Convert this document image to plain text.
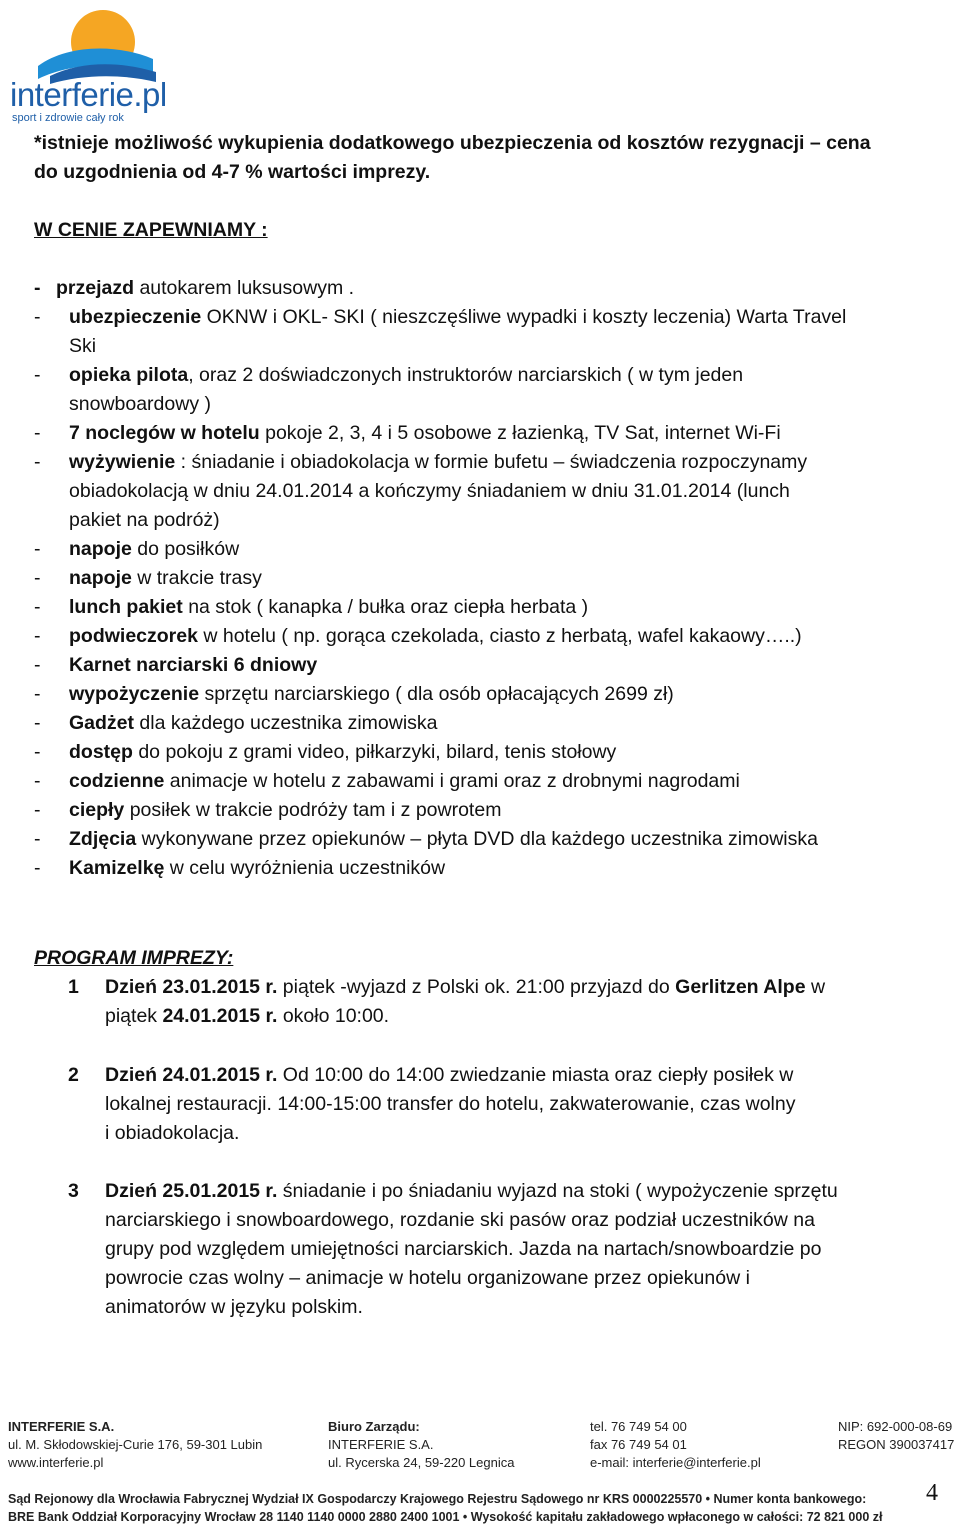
interferie.pl
sport i zdrowie cały rok
*istnieje możliwość wykupienia dodatkowego ubezpieczenia od kosztów rezygnacji – cena
do uzgodnienia od 4-7 % wartości imprezy.
W CENIE ZAPEWNIAMY :
- przejazd autokarem luksusowym .
- ubezpieczenie OKNW i OKL- SKI ( nieszczęśliwe wypadki i koszty leczenia) Warta Travel
Ski
- opieka pilota, oraz 2 doświadczonych instruktorów narciarskich ( w tym jeden
snowboardowy )
- 7 noclegów w hotelu pokoje 2, 3, 4 i 5 osobowe z łazienką, TV Sat, internet Wi-Fi
- wyżywienie : śniadanie i obiadokolacja w formie bufetu – świadczenia rozpoczynamy
obiadokolacją w dniu 24.01.2014 a kończymy śniadaniem w dniu 31.01.2014 (lunch
pakiet na podróż)
- napoje do posiłków
- napoje w trakcie trasy
- lunch pakiet na stok ( kanapka / bułka oraz ciepła herbata )
- podwieczorek w hotelu ( np. gorąca czekolada, ciasto z herbatą, wafel kakaowy…..)
- Karnet narciarski 6 dniowy
- wypożyczenie sprzętu narciarskiego ( dla osób opłacających 2699 zł)
- Gadżet dla każdego uczestnika zimowiska
- dostęp do pokoju z grami video, piłkarzyki, bilard, tenis stołowy
- codzienne animacje w hotelu z zabawami i grami oraz z drobnymi nagrodami
- ciepły posiłek w trakcie podróży tam i z powrotem
- Zdjęcia wykonywane przez opiekunów – płyta DVD dla każdego uczestnika zimowiska
- Kamizelkę w celu wyróżnienia uczestników
PROGRAM IMPREZY:
1 Dzień 23.01.2015 r. piątek -wyjazd z Polski ok. 21:00 przyjazd do Gerlitzen Alpe w
piątek 24.01.2015 r. około 10:00.
2 Dzień 24.01.2015 r. Od 10:00 do 14:00 zwiedzanie miasta oraz ciepły posiłek w
lokalnej restauracji. 14:00-15:00 transfer do hotelu, zakwaterowanie, czas wolny
i obiadokolacja.
3 Dzień 25.01.2015 r. śniadanie i po śniadaniu wyjazd na stoki ( wypożyczenie sprzętu
narciarskiego i snowboardowego, rozdanie ski pasów oraz podział uczestników na
grupy pod względem umiejętności narciarskich. Jazda na nartach/snowboardzie po
powrocie czas wolny – animacje w hotelu organizowane przez opiekunów i
animatorów w języku polskim.
INTERFERIE S.A.
ul. M. Skłodowskiej-Curie 176, 59-301 Lubin
www.interferie.pl
Biuro Zarządu:
INTERFERIE S.A.
ul. Rycerska 24, 59-220 Legnica
tel. 76 749 54 00
fax 76 749 54 01
e-mail: interferie@interferie.pl
NIP: 692-000-08-69
REGON 390037417
Sąd Rejonowy dla Wrocławia Fabrycznej Wydział IX Gospodarczy Krajowego Rejestru Sądowego nr KRS 0000225570 • Numer konta bankowego:
BRE Bank Oddział Korporacyjny Wrocław 28 1140 1140 0000 2880 2400 1001 • Wysokość kapitału zakładowego wpłaconego w całości: 72 821 000 zł
4
